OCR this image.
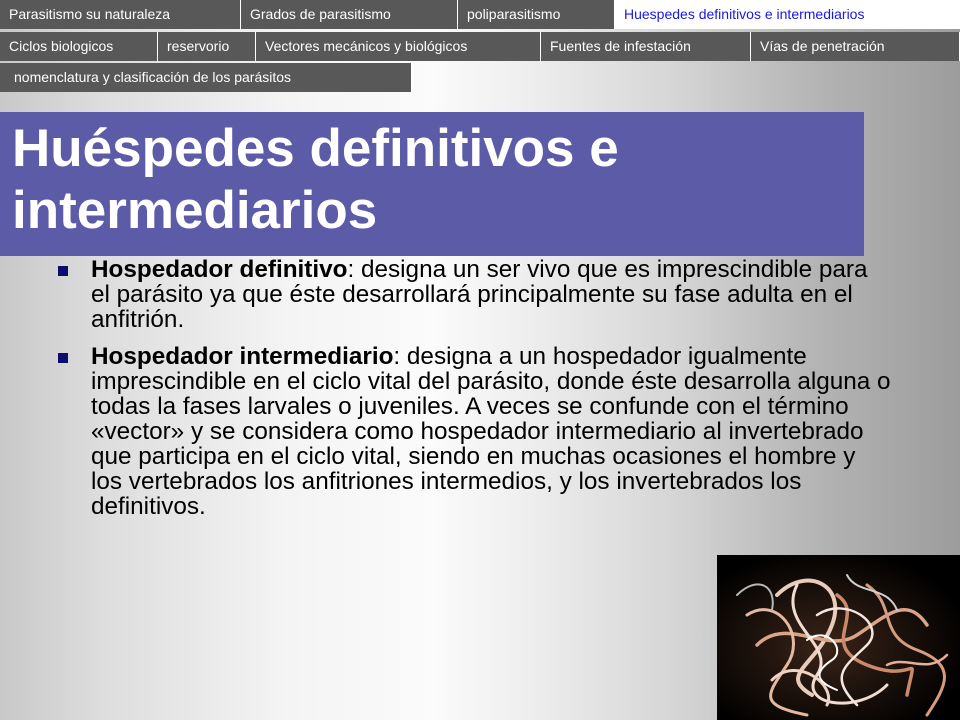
Parasitismo su naturaleza	Grados de parasitismo	poliparasitismo	Huespedes definitivos e intermediarios
Ciclos biologicos	reservorio	Vectores mecánicos y biológicos	Fuentes de infestación	Vías de penetración
nomenclatura y clasificación de los parásitos
Huéspedes definitivos e intermediarios
Hospedador definitivo: designa un ser vivo que es imprescindible para el parásito ya que éste desarrollará principalmente su fase adulta en el anfitrión.
Hospedador intermediario: designa a un hospedador igualmente imprescindible en el ciclo vital del parásito, donde éste desarrolla alguna o todas la fases larvales o juveniles. A veces se confunde con el término «vector» y se considera como hospedador intermediario al invertebrado que participa en el ciclo vital, siendo en muchas ocasiones el hombre y los vertebrados los anfitriones intermedios, y los invertebrados los definitivos.
